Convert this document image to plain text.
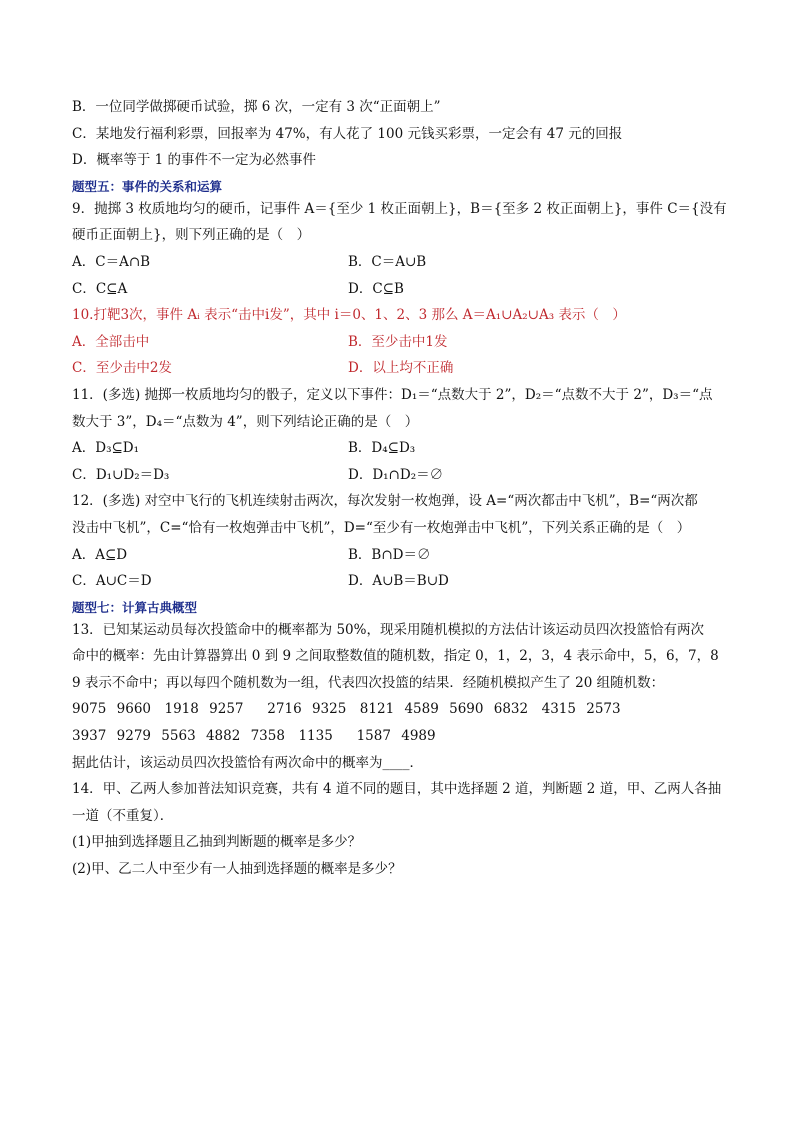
B．一位同学做掷硬币试验，掷 6 次，一定有 3 次“正面朝上”
C．某地发行福利彩票，回报率为 47%，有人花了 100 元钱买彩票，一定会有 47 元的回报
D．概率等于 1 的事件不一定为必然事件
题型五：事件的关系和运算
9．抛掷 3 枚质地均匀的硬币，记事件 A＝{至少 1 枚正面朝上}，B＝{至多 2 枚正面朝上}，事件 C＝{没有
硬币正面朝上}，则下列正确的是（　）
A．C＝A∩B	B．C＝A∪B
C．C⊆A	D．C⊆B
10.打靶3次，事件 Aᵢ 表示“击中i发”，其中 i＝0、1、2、3 那么 A＝A₁∪A₂∪A₃ 表示（　）
A．全部击中	B．至少击中1发
C．至少击中2发	D．以上均不正确
11．(多选) 抛掷一枚质地均匀的骰子，定义以下事件：D₁＝“点数大于 2”，D₂＝“点数不大于 2”，D₃＝“点
数大于 3”，D₄＝“点数为 4”，则下列结论正确的是（　）
A．D₃⊆D₁	B．D₄⊆D₃
C．D₁∪D₂＝D₃	D．D₁∩D₂＝∅
12．(多选) 对空中飞行的飞机连续射击两次，每次发射一枚炮弹，设 A=“两次都击中飞机”，B=“两次都
没击中飞机”，C=“恰有一枚炮弹击中飞机”，D=“至少有一枚炮弹击中飞机”，下列关系正确的是（　）
A．A⊆D	B．B∩D＝∅
C．A∪C＝D	D．A∪B＝B∪D
题型七：计算古典概型
13．已知某运动员每次投篮命中的概率都为 50%，现采用随机模拟的方法估计该运动员四次投篮恰有两次
命中的概率：先由计算器算出 0 到 9 之间取整数值的随机数，指定 0，1，2，3，4 表示命中，5，6，7，8
9 表示不命中；再以每四个随机数为一组，代表四次投篮的结果．经随机模拟产生了 20 组随机数：
9075 9660　1918 9257　 2716 9325　8121 4589 5690 6832　4315 2573
3937 9279 5563 4882 7358　1135　 1587 4989
据此估计，该运动员四次投篮恰有两次命中的概率为____．
14．甲、乙两人参加普法知识竞赛，共有 4 道不同的题目，其中选择题 2 道，判断题 2 道，甲、乙两人各抽
一道（不重复）．
(1)甲抽到选择题且乙抽到判断题的概率是多少？
(2)甲、乙二人中至少有一人抽到选择题的概率是多少？
